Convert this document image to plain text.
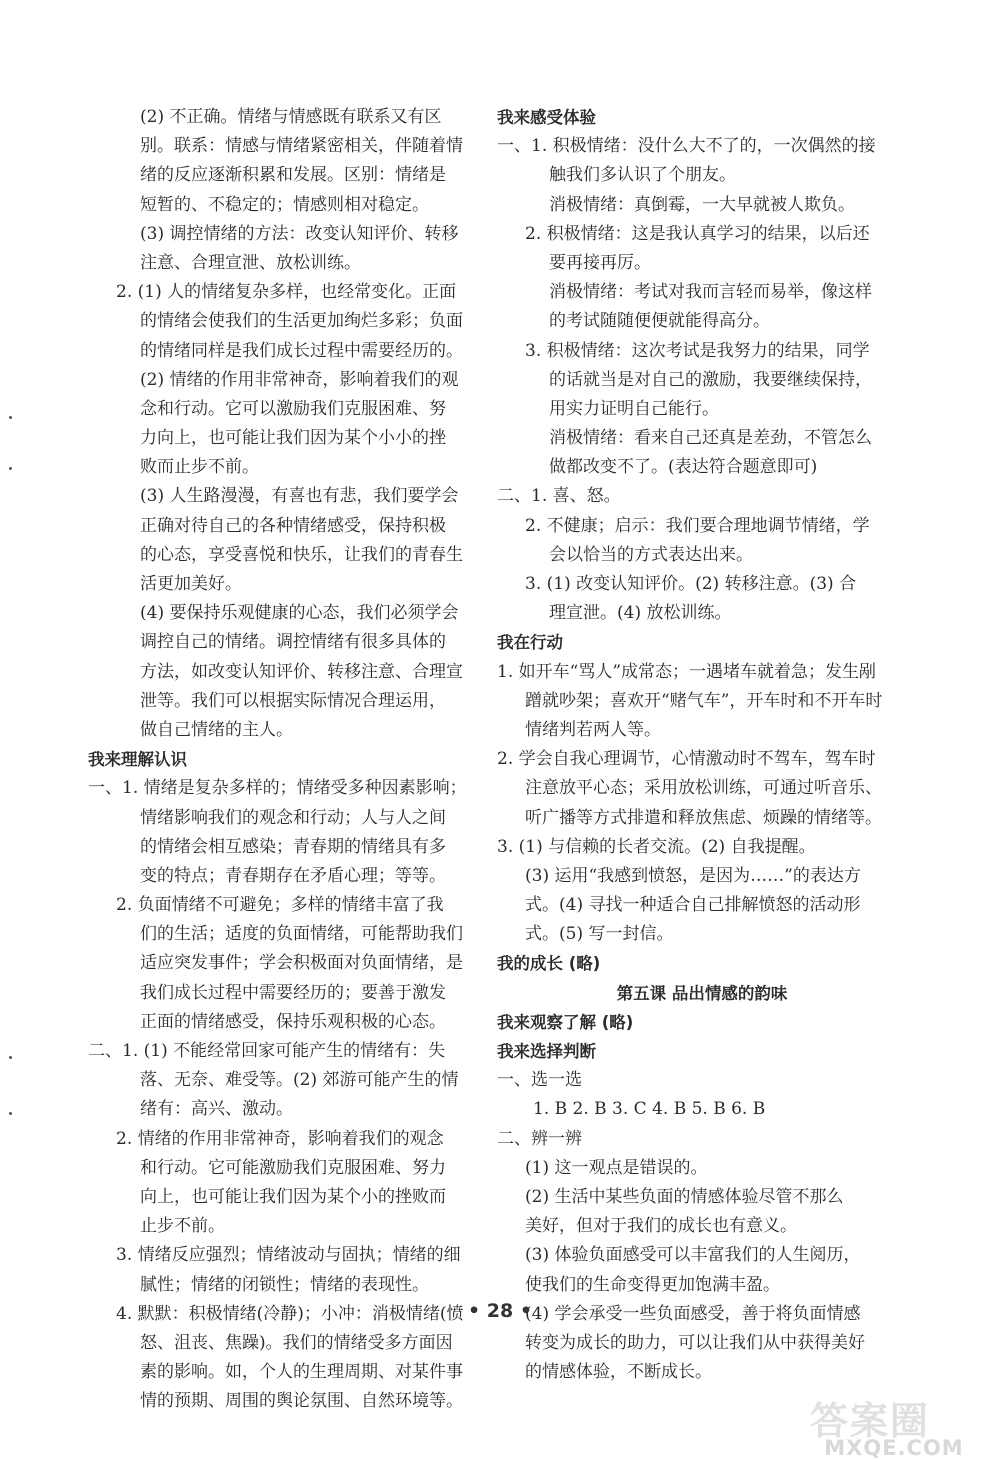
(2) 不正确。情绪与情感既有联系又有区
别。联系：情感与情绪紧密相关，伴随着情
绪的反应逐渐积累和发展。区别：情绪是
短暂的、不稳定的；情感则相对稳定。
(3) 调控情绪的方法：改变认知评价、转移
注意、合理宣泄、放松训练。
2. (1) 人的情绪复杂多样，也经常变化。正面
的情绪会使我们的生活更加绚烂多彩；负面
的情绪同样是我们成长过程中需要经历的。
(2) 情绪的作用非常神奇，影响着我们的观
念和行动。它可以激励我们克服困难、努
力向上，也可能让我们因为某个小小的挫
败而止步不前。
(3) 人生路漫漫，有喜也有悲，我们要学会
正确对待自己的各种情绪感受，保持积极
的心态，享受喜悦和快乐，让我们的青春生
活更加美好。
(4) 要保持乐观健康的心态，我们必须学会
调控自己的情绪。调控情绪有很多具体的
方法，如改变认知评价、转移注意、合理宣
泄等。我们可以根据实际情况合理运用，
做自己情绪的主人。
我来理解认识
一、1. 情绪是复杂多样的；情绪受多种因素影响；
情绪影响我们的观念和行动；人与人之间
的情绪会相互感染；青春期的情绪具有多
变的特点；青春期存在矛盾心理；等等。
2. 负面情绪不可避免；多样的情绪丰富了我
们的生活；适度的负面情绪，可能帮助我们
适应突发事件；学会积极面对负面情绪，是
我们成长过程中需要经历的；要善于激发
正面的情绪感受，保持乐观积极的心态。
二、1. (1) 不能经常回家可能产生的情绪有：失
落、无奈、难受等。(2) 郊游可能产生的情
绪有：高兴、激动。
2. 情绪的作用非常神奇，影响着我们的观念
和行动。它可能激励我们克服困难、努力
向上，也可能让我们因为某个小的挫败而
止步不前。
3. 情绪反应强烈；情绪波动与固执；情绪的细
腻性；情绪的闭锁性；情绪的表现性。
4. 默默：积极情绪(冷静)；小冲：消极情绪(愤
怒、沮丧、焦躁)。我们的情绪受多方面因
素的影响。如，个人的生理周期、对某件事
情的预期、周围的舆论氛围、自然环境等。
我来感受体验
一、1. 积极情绪：没什么大不了的，一次偶然的接
触我们多认识了个朋友。
消极情绪：真倒霉，一大早就被人欺负。
2. 积极情绪：这是我认真学习的结果，以后还
要再接再厉。
消极情绪：考试对我而言轻而易举，像这样
的考试随随便便就能得高分。
3. 积极情绪：这次考试是我努力的结果，同学
的话就当是对自己的激励，我要继续保持，
用实力证明自己能行。
消极情绪：看来自己还真是差劲，不管怎么
做都改变不了。(表达符合题意即可)
二、1. 喜、怒。
2. 不健康；启示：我们要合理地调节情绪，学
会以恰当的方式表达出来。
3. (1) 改变认知评价。(2) 转移注意。(3) 合
理宣泄。(4) 放松训练。
我在行动
1. 如开车“骂人”成常态；一遇堵车就着急；发生剐
蹭就吵架；喜欢开“赌气车”，开车时和不开车时
情绪判若两人等。
2. 学会自我心理调节，心情激动时不驾车，驾车时
注意放平心态；采用放松训练，可通过听音乐、
听广播等方式排遣和释放焦虑、烦躁的情绪等。
3. (1) 与信赖的长者交流。(2) 自我提醒。
(3) 运用“我感到愤怒，是因为……”的表达方
式。(4) 寻找一种适合自己排解愤怒的活动形
式。(5) 写一封信。
我的成长 (略)
第五课 品出情感的韵味
我来观察了解 (略)
我来选择判断
一、选一选
1. B 2. B 3. C 4. B 5. B 6. B
二、辨一辨
(1) 这一观点是错误的。
(2) 生活中某些负面的情感体验尽管不那么
美好，但对于我们的成长也有意义。
(3) 体验负面感受可以丰富我们的人生阅历，
使我们的生命变得更加饱满丰盈。
(4) 学会承受一些负面感受，善于将负面情感
转变为成长的助力，可以让我们从中获得美好
的情感体验，不断成长。
• 28 •
答案圈
MXQE.COM
